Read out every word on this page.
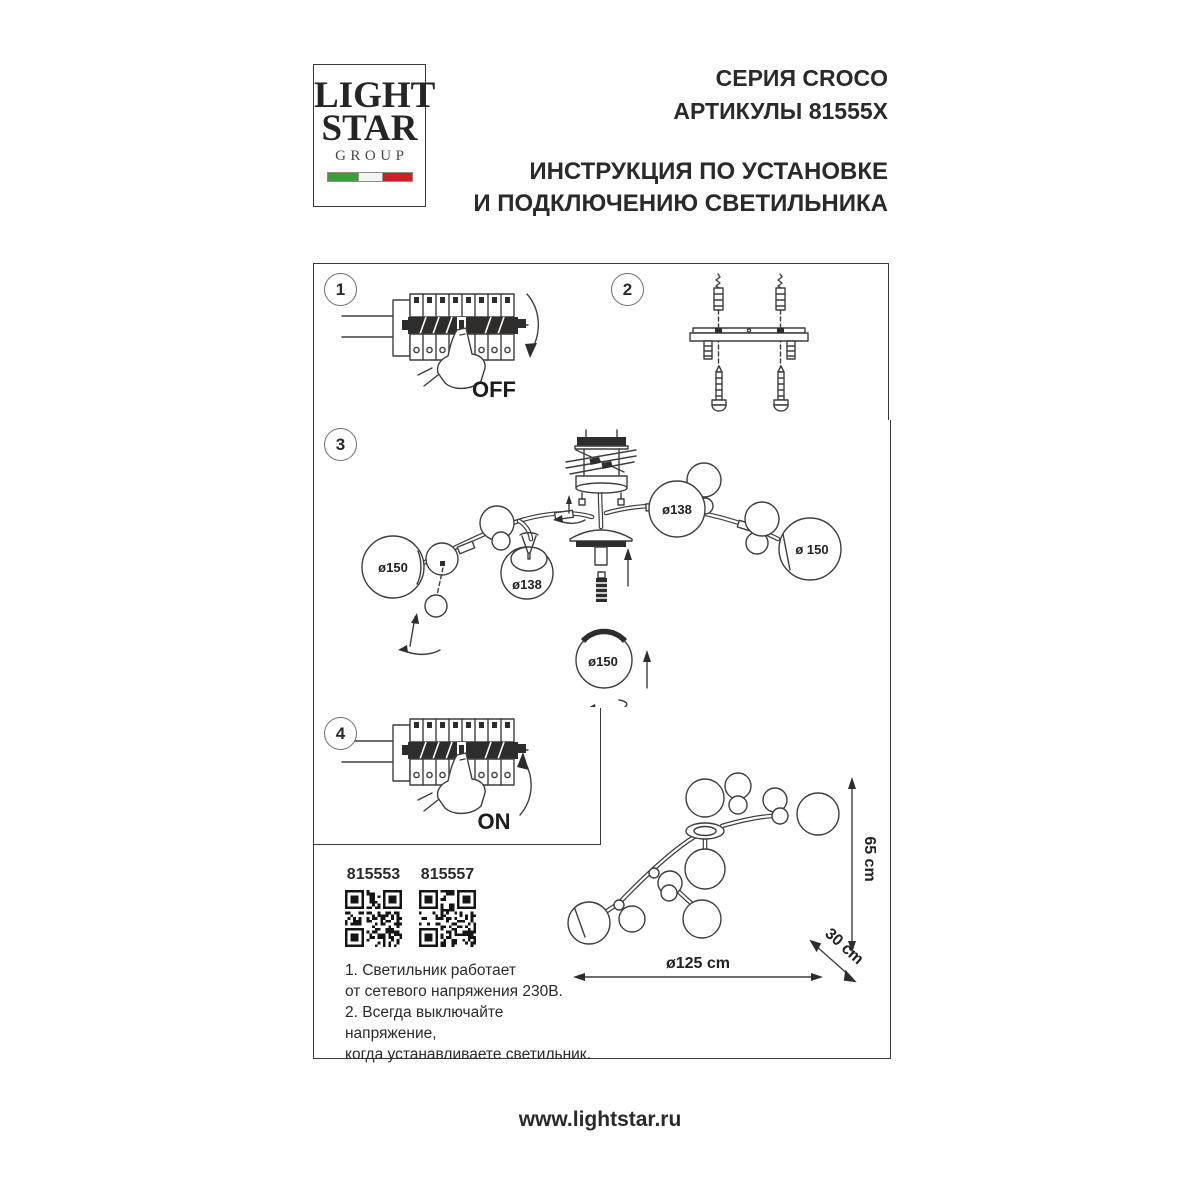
LIGHT
STAR
GROUP
СЕРИЯ CROCO
АРТИКУЛЫ 81555X
ИНСТРУКЦИЯ ПО УСТАНОВКЕ
И ПОДКЛЮЧЕНИЮ СВЕТИЛЬНИКА
1	2
3
4
OFF
ø150
ø138
ø138
ø 150
ø150
ON
65 cm
ø125 cm	30 cm
815553 815557
1. Светильник работает
от сетевого напряжения 230В.
2. Всегда выключайте напряжение,
когда устанавливаете светильник.
www.lightstar.ru
